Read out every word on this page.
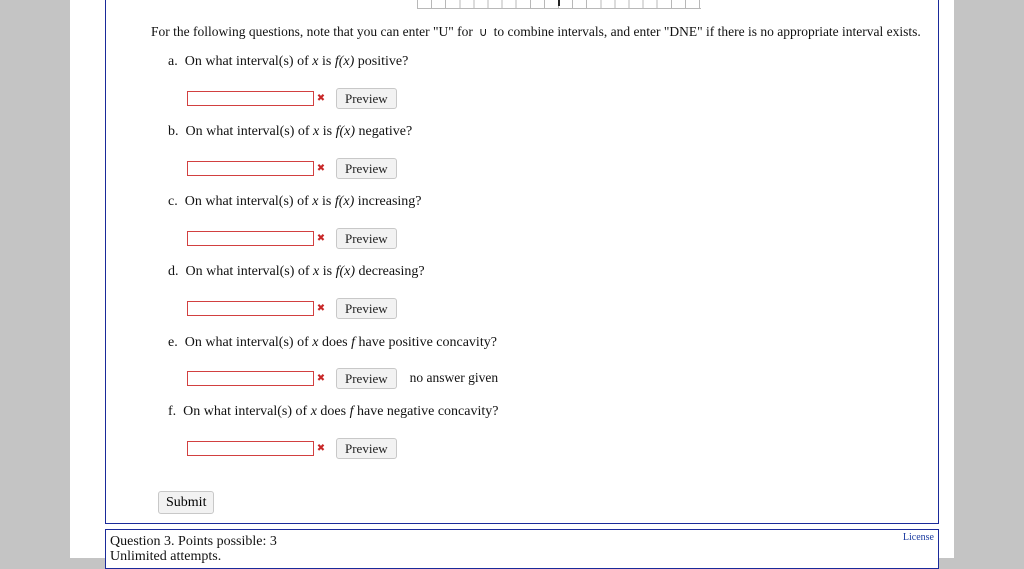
For the following questions, note that you can enter "U" for ∪ to combine intervals, and enter "DNE" if there is no appropriate interval exists.
a. On what interval(s) of x is f(x) positive?
✖	Preview
b. On what interval(s) of x is f(x) negative?
✖	Preview
c. On what interval(s) of x is f(x) increasing?
✖	Preview
d. On what interval(s) of x is f(x) decreasing?
✖	Preview
e. On what interval(s) of x does f have positive concavity?
✖	Preview	no answer given
f. On what interval(s) of x does f have negative concavity?
✖	Preview
Submit
Question 3. Points possible: 3
Unlimited attempts.
License
